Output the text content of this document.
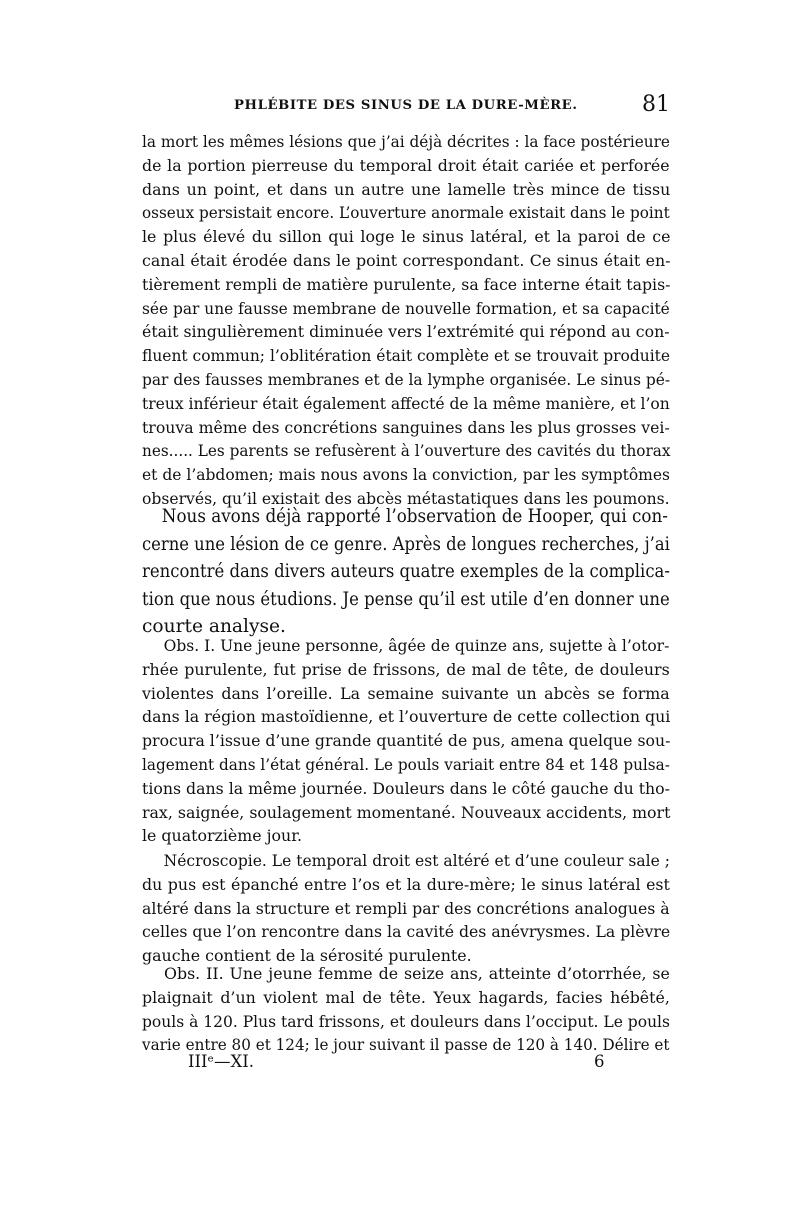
PHLÉBITE DES SINUS DE LA DURE-MÈRE.	81
la mort les mêmes lésions que j’ai déjà décrites : la face postérieure
de la portion pierreuse du temporal droit était cariée et perforée
dans un point, et dans un autre une lamelle très mince de tissu
osseux persistait encore. L’ouverture anormale existait dans le point
le plus élevé du sillon qui loge le sinus latéral, et la paroi de ce
canal était érodée dans le point correspondant. Ce sinus était en-
tièrement rempli de matière purulente, sa face interne était tapis-
sée par une fausse membrane de nouvelle formation, et sa capacité
était singulièrement diminuée vers l’extrémité qui répond au con-
fluent commun; l’oblitération était complète et se trouvait produite
par des fausses membranes et de la lymphe organisée. Le sinus pé-
treux inférieur était également affecté de la même manière, et l’on
trouva même des concrétions sanguines dans les plus grosses vei-
nes..... Les parents se refusèrent à l’ouverture des cavités du thorax
et de l’abdomen; mais nous avons la conviction, par les symptômes
observés, qu’il existait des abcès métastatiques dans les poumons.
Nous avons déjà rapporté l’observation de Hooper, qui con-
cerne une lésion de ce genre. Après de longues recherches, j’ai
rencontré dans divers auteurs quatre exemples de la complica-
tion que nous étudions. Je pense qu’il est utile d’en donner une
courte analyse.
Obs. I. Une jeune personne, âgée de quinze ans, sujette à l’otor-
rhée purulente, fut prise de frissons, de mal de tête, de douleurs
violentes dans l’oreille. La semaine suivante un abcès se forma
dans la région mastoïdienne, et l’ouverture de cette collection qui
procura l’issue d’une grande quantité de pus, amena quelque sou-
lagement dans l’état général. Le pouls variait entre 84 et 148 pulsa-
tions dans la même journée. Douleurs dans le côté gauche du tho-
rax, saignée, soulagement momentané. Nouveaux accidents, mort
le quatorzième jour.
Nécroscopie. Le temporal droit est altéré et d’une couleur sale ;
du pus est épanché entre l’os et la dure-mère; le sinus latéral est
altéré dans la structure et rempli par des concrétions analogues à
celles que l’on rencontre dans la cavité des anévrysmes. La plèvre
gauche contient de la sérosité purulente.
Obs. II. Une jeune femme de seize ans, atteinte d’otorrhée, se
plaignait d’un violent mal de tête. Yeux hagards, facies hébêté,
pouls à 120. Plus tard frissons, et douleurs dans l’occiput. Le pouls
varie entre 80 et 124; le jour suivant il passe de 120 à 140. Délire et
IIIᵉ—XI.	6
